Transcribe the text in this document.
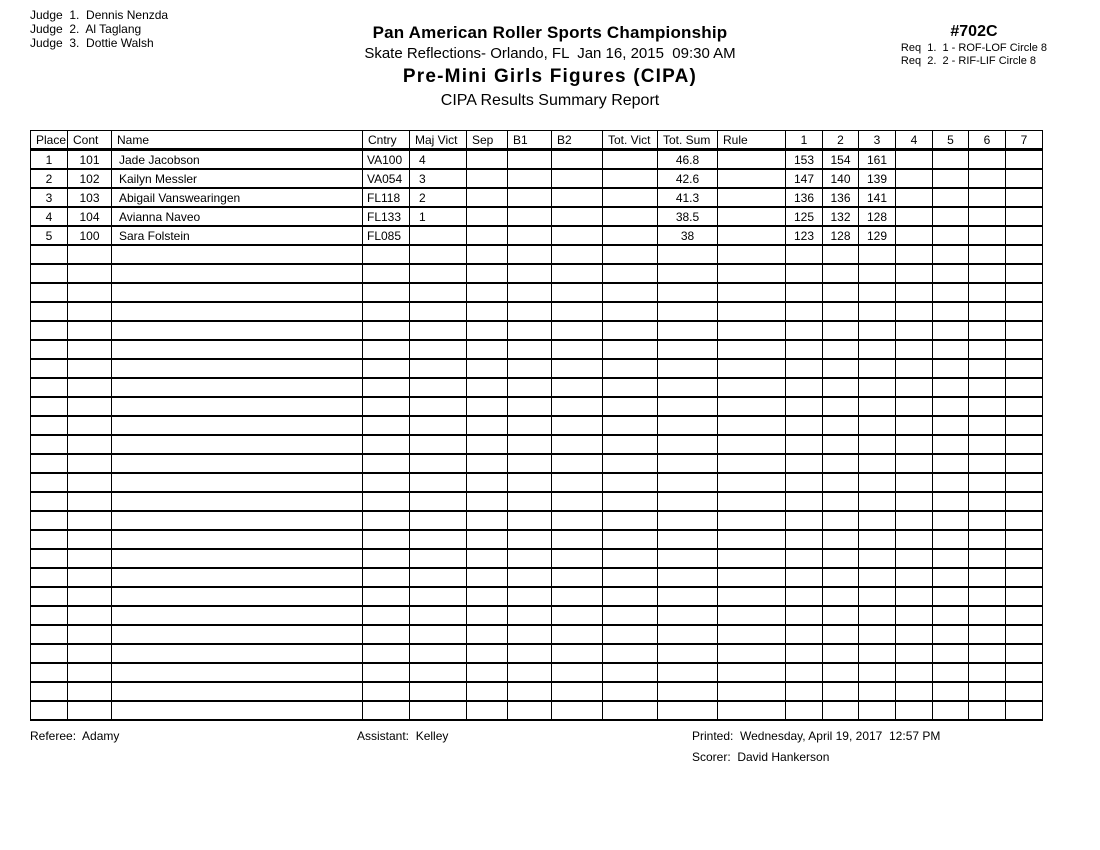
Judge  1.  Dennis Nenzda
Judge  2.  Al Taglang
Judge  3.  Dottie Walsh
Pan American Roller Sports Championship
Skate Reflections- Orlando, FL  Jan 16, 2015  09:30 AM
Pre-Mini Girls Figures (CIPA)
CIPA Results Summary Report
#702C
Req  1.  1 - ROF-LOF Circle 8
Req  2.  2 - RIF-LIF Circle 8
Place	Cont	Name	Cntry	Maj Vict	Sep	B1	B2	Tot. Vict	Tot. Sum	Rule	1	2	3	4	5	6	7
1	101	Jade Jacobson	VA100	4					46.8		153	154	161				
2	102	Kailyn Messler	VA054	3					42.6		147	140	139				
3	103	Abigail Vanswearingen	FL118	2					41.3		136	136	141				
4	104	Avianna Naveo	FL133	1					38.5		125	132	128				
5	100	Sara Folstein	FL085						38		123	128	129				

Referee:  Adamy	Assistant:  Kelley	Printed:  Wednesday, April 19, 2017  12:57 PM
Scorer:  David Hankerson
